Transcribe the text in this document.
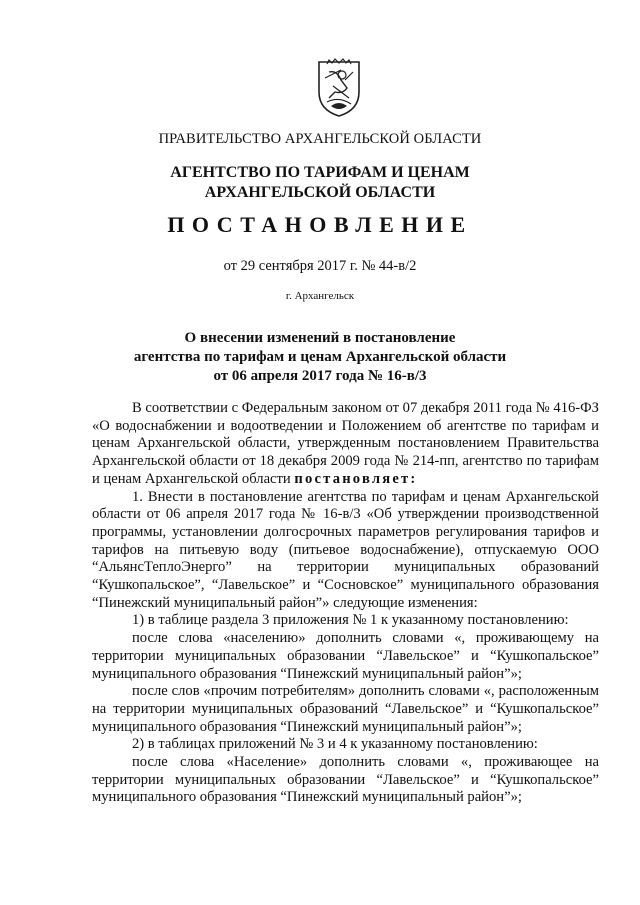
ПРАВИТЕЛЬСТВО АРХАНГЕЛЬСКОЙ ОБЛАСТИ
АГЕНТСТВО ПО ТАРИФАМ И ЦЕНАМ
АРХАНГЕЛЬСКОЙ ОБЛАСТИ
ПОСТАНОВЛЕНИЕ
от 29 сентября 2017 г. № 44-в/2
г. Архангельск
О внесении изменений в постановление
агентства по тарифам и ценам Архангельской области
от 06 апреля 2017 года № 16-в/3

В соответствии с Федеральным законом от 07 декабря 2011 года № 416-ФЗ «О водоснабжении и водоотведении и Положением об агентстве по тарифам и ценам Архангельской области, утвержденным постановлением Правительства Архангельской области от 18 декабря 2009 года № 214-пп, агентство по тарифам и ценам Архангельской области постановляет:

1. Внести в постановление агентства по тарифам и ценам Архангельской области от 06 апреля 2017 года № 16-в/3 «Об утверждении производственной программы, установлении долгосрочных параметров регулирования тарифов и тарифов на питьевую воду (питьевое водоснабжение), отпускаемую ООО “АльянсТеплоЭнерго” на территории муниципальных образований “Кушкопальское”, “Лавельское” и “Сосновское” муниципального образования “Пинежский муниципальный район”» следующие изменения:

1) в таблице раздела 3 приложения № 1 к указанному постановлению:

после слова «населению» дополнить словами «, проживающему на территории муниципальных образовании “Лавельское” и “Кушкопальское” муниципального образования “Пинежский муниципальный район”»;

после слов «прочим потребителям» дополнить словами «, расположенным на территории муниципальных образований “Лавельское” и “Кушкопальское” муниципального образования “Пинежский муниципальный район”»;

2) в таблицах приложений № 3 и 4 к указанному постановлению:

после слова «Население» дополнить словами «, проживающее на территории муниципальных образовании “Лавельское” и “Кушкопальское” муниципального образования “Пинежский муниципальный район”»;
